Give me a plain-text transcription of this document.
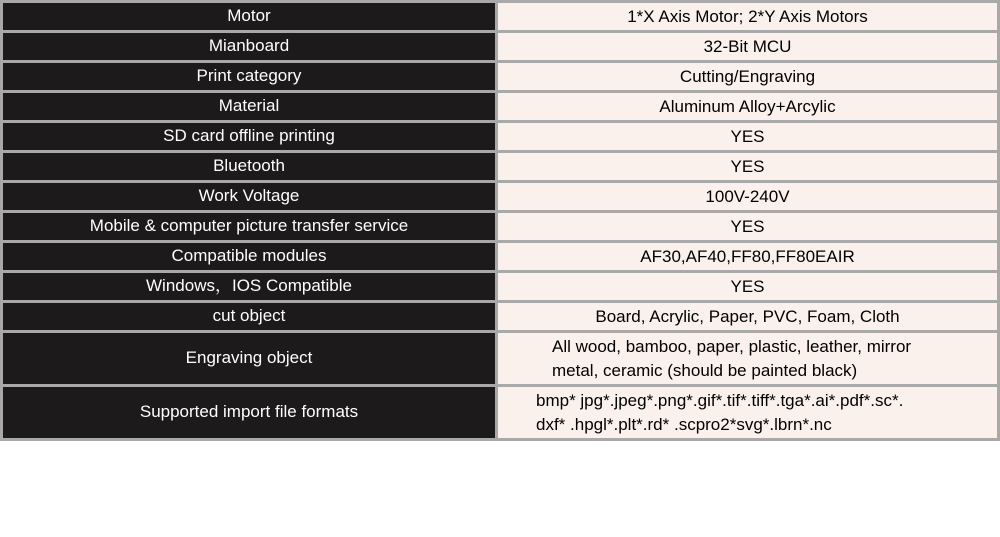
Motor	1*X Axis Motor; 2*Y Axis Motors

Mianboard	32-Bit MCU

Print category	Cutting/Engraving

Material	Aluminum Alloy+Arcylic

SD card offline printing	YES

Bluetooth	YES

Work Voltage	100V-240V

Mobile & computer picture transfer service	YES

Compatible modules	AF30,AF40,FF80,FF80EAIR

Windows，IOS Compatible	YES

cut object	Board, Acrylic, Paper, PVC, Foam, Cloth

Engraving object	All wood, bamboo, paper, plastic, leather, mirror
metal, ceramic (should be painted black)

Supported import file formats	bmp* jpg*.jpeg*.png*.gif*.tif*.tiff*.tga*.ai*.pdf*.sc*.
dxf* .hpgl*.plt*.rd* .scpro2*svg*.lbrn*.nc
